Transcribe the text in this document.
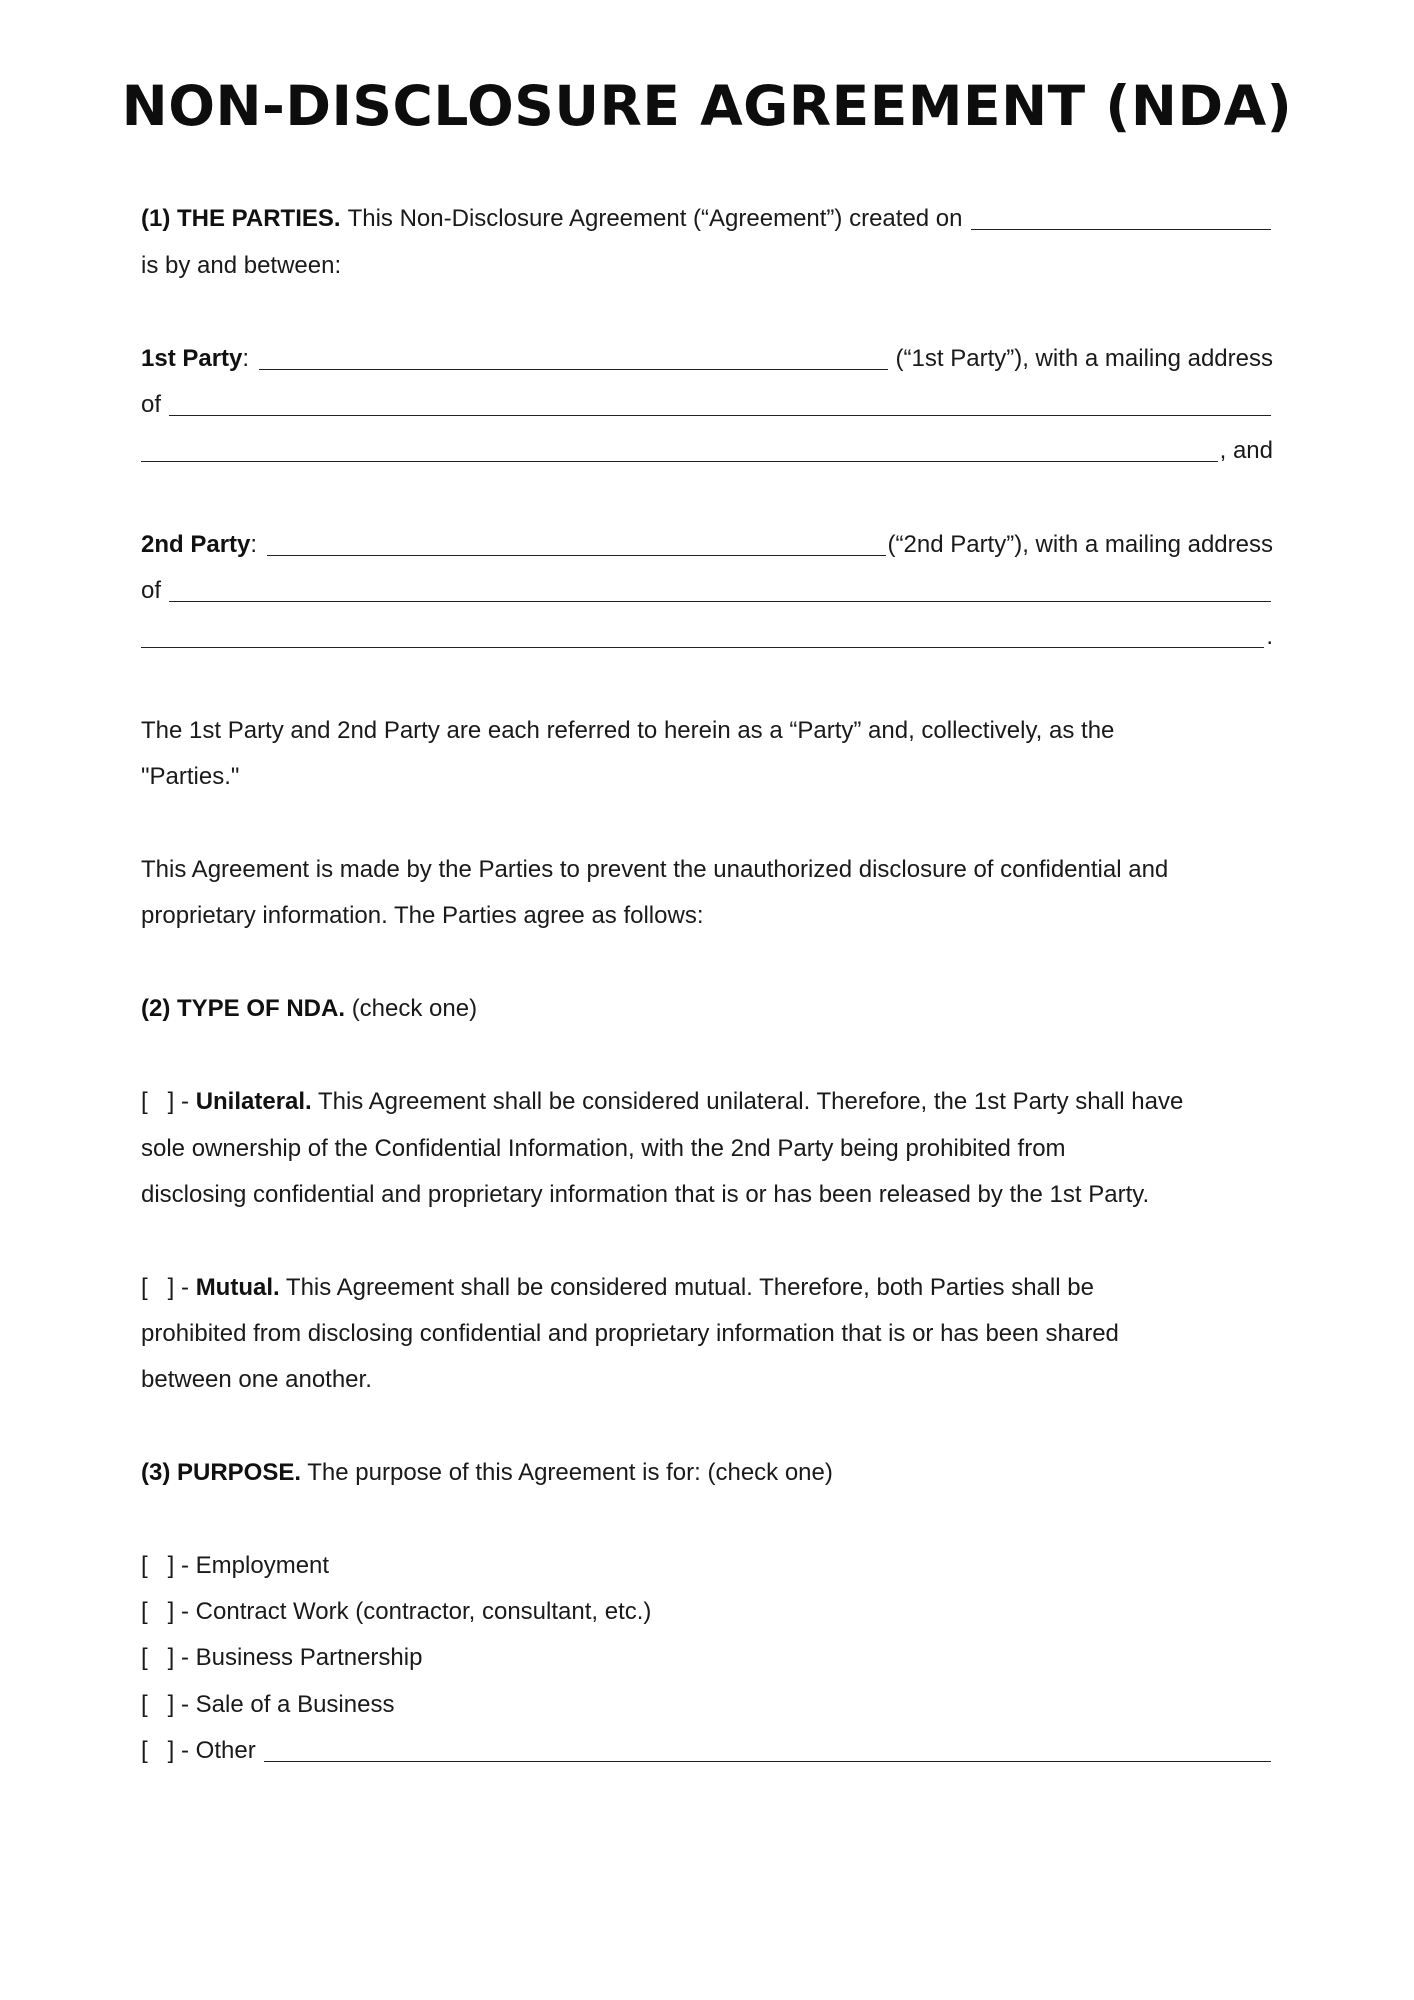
NON-DISCLOSURE AGREEMENT (NDA)
(1) THE PARTIES. This Non-Disclosure Agreement (“Agreement”) created on
is by and between:
1st Party :	(“1st Party”), with a mailing address
of
, and
2nd Party :	(“2nd Party”), with a mailing address
of
.
The 1st Party and 2nd Party are each referred to herein as a “Party” and, collectively, as the
"Parties."
This Agreement is made by the Parties to prevent the unauthorized disclosure of confidential and
proprietary information. The Parties agree as follows:
(2) TYPE OF NDA. (check one)
[   ] - Unilateral. This Agreement shall be considered unilateral. Therefore, the 1st Party shall have
sole ownership of the Confidential Information, with the 2nd Party being prohibited from
disclosing confidential and proprietary information that is or has been released by the 1st Party.
[   ] - Mutual. This Agreement shall be considered mutual. Therefore, both Parties shall be
prohibited from disclosing confidential and proprietary information that is or has been shared
between one another.
(3) PURPOSE. The purpose of this Agreement is for: (check one)
[   ] - Employment
[   ] - Contract Work (contractor, consultant, etc.)
[   ] - Business Partnership
[   ] - Sale of a Business
[   ] - Other
